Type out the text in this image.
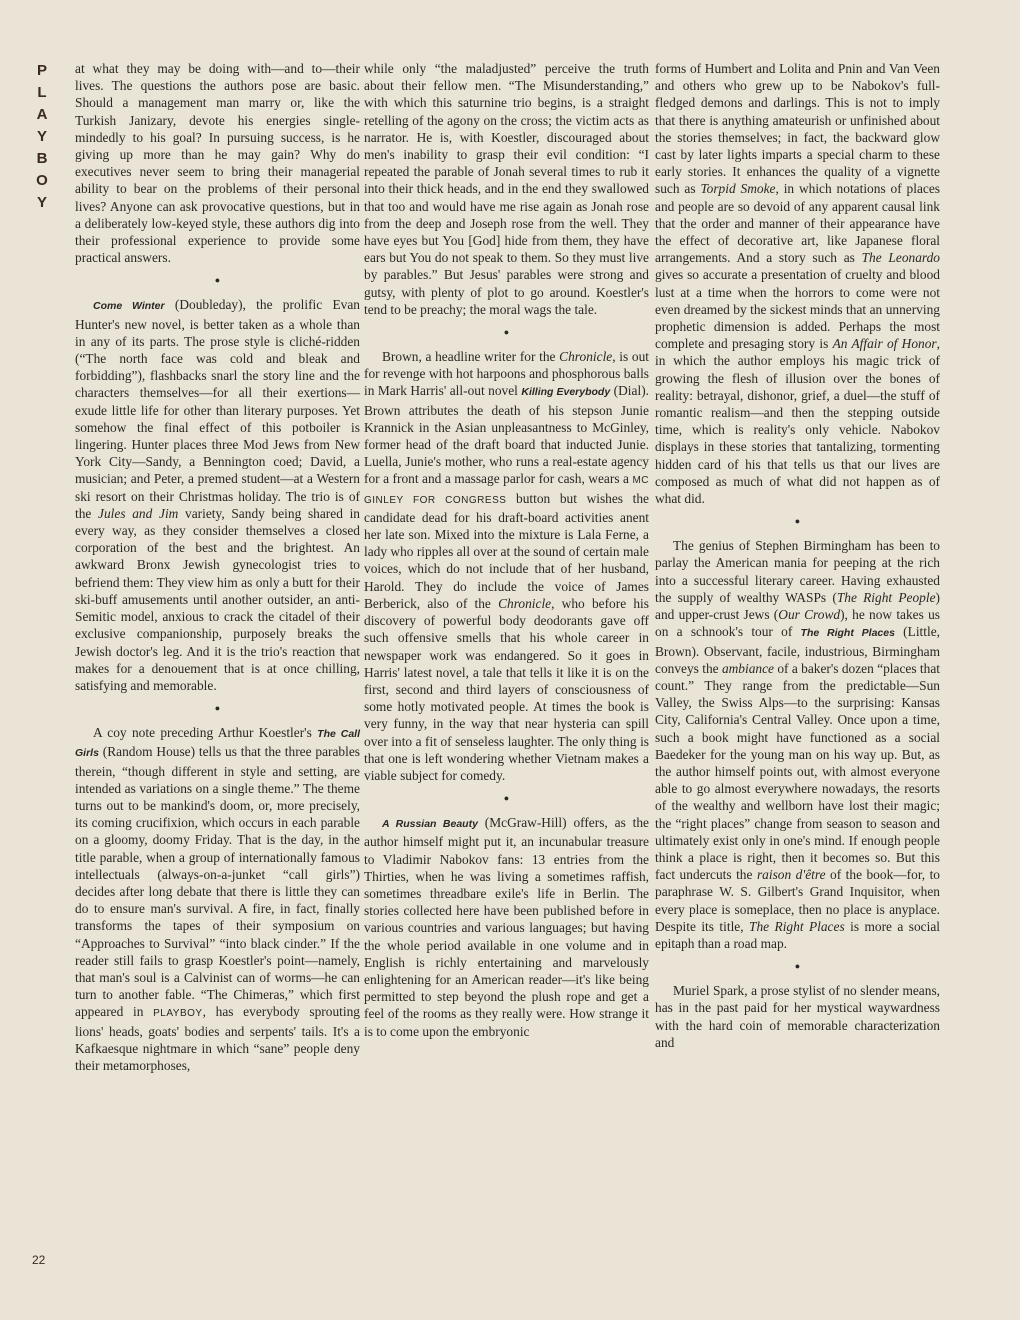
P
L
A
Y
B
O
Y
22

at what they may be doing with—and to—their lives. The questions the authors pose are basic. Should a management man marry or, like the Turkish Janizary, devote his energies single-mindedly to his goal? In pursuing success, is he giving up more than he may gain? Why do executives never seem to bring their managerial ability to bear on the problems of their personal lives? Anyone can ask provocative questions, but in a deliberately low-keyed style, these authors dig into their professional experience to provide some practical answers.

●

Come Winter (Doubleday), the prolific Evan Hunter's new novel, is better taken as a whole than in any of its parts. The prose style is cliché-ridden (“The north face was cold and bleak and forbidding”), flashbacks snarl the story line and the characters themselves—for all their exertions—exude little life for other than literary purposes. Yet somehow the final effect of this potboiler is lingering. Hunter places three Mod Jews from New York City—Sandy, a Bennington coed; David, a musician; and Peter, a premed student—at a Western ski resort on their Christmas holiday. The trio is of the Jules and Jim variety, Sandy being shared in every way, as they consider themselves a closed corporation of the best and the brightest. An awkward Bronx Jewish gynecologist tries to befriend them: They view him as only a butt for their ski-buff amusements until another outsider, an anti-Semitic model, anxious to crack the citadel of their exclusive companionship, purposely breaks the Jewish doctor's leg. And it is the trio's reaction that makes for a denouement that is at once chilling, satisfying and memorable.

●

A coy note preceding Arthur Koestler's The Call Girls (Random House) tells us that the three parables therein, “though different in style and setting, are intended as variations on a single theme.” The theme turns out to be mankind's doom, or, more precisely, its coming crucifixion, which occurs in each parable on a gloomy, doomy Friday. That is the day, in the title parable, when a group of internationally famous intellectuals (always-on-a-junket “call girls”) decides after long debate that there is little they can do to ensure man's survival. A fire, in fact, finally transforms the tapes of their symposium on “Approaches to Survival” “into black cinder.” If the reader still fails to grasp Koestler's point—namely, that man's soul is a Calvinist can of worms—he can turn to another fable. “The Chimeras,” which first appeared in PLAYBOY, has everybody sprouting lions' heads, goats' bodies and serpents' tails. It's a Kafkaesque nightmare in which “sane” people deny their metamorphoses,

while only “the maladjusted” perceive the truth about their fellow men. “The Misunderstanding,” with which this saturnine trio begins, is a straight retelling of the agony on the cross; the victim acts as narrator. He is, with Koestler, discouraged about men's inability to grasp their evil condition: “I repeated the parable of Jonah several times to rub it into their thick heads, and in the end they swallowed that too and would have me rise again as Jonah rose from the deep and Joseph rose from the well. They have eyes but You [God] hide from them, they have ears but You do not speak to them. So they must live by parables.” But Jesus' parables were strong and gutsy, with plenty of plot to go around. Koestler's tend to be preachy; the moral wags the tale.

●

Brown, a headline writer for the Chronicle, is out for revenge with hot harpoons and phosphorous balls in Mark Harris' all-out novel Killing Everybody (Dial). Brown attributes the death of his stepson Junie Krannick in the Asian unpleasantness to McGinley, former head of the draft board that inducted Junie. Luella, Junie's mother, who runs a real-estate agency for a front and a massage parlor for cash, wears a MC GINLEY FOR CONGRESS button but wishes the candidate dead for his draft-board activities anent her late son. Mixed into the mixture is Lala Ferne, a lady who ripples all over at the sound of certain male voices, which do not include that of her husband, Harold. They do include the voice of James Berberick, also of the Chronicle, who before his discovery of powerful body deodorants gave off such offensive smells that his whole career in newspaper work was endangered. So it goes in Harris' latest novel, a tale that tells it like it is on the first, second and third layers of consciousness of some hotly motivated people. At times the book is very funny, in the way that near hysteria can spill over into a fit of senseless laughter. The only thing is that one is left wondering whether Vietnam makes a viable subject for comedy.

●

A Russian Beauty (McGraw-Hill) offers, as the author himself might put it, an incunabular treasure to Vladimir Nabokov fans: 13 entries from the Thirties, when he was living a sometimes raffish, sometimes threadbare exile's life in Berlin. The stories collected here have been published before in various countries and various languages; but having the whole period available in one volume and in English is richly entertaining and marvelously enlightening for an American reader—it's like being permitted to step beyond the plush rope and get a feel of the rooms as they really were. How strange it is to come upon the embryonic

forms of Humbert and Lolita and Pnin and Van Veen and others who grew up to be Nabokov's full-fledged demons and darlings. This is not to imply that there is anything amateurish or unfinished about the stories themselves; in fact, the backward glow cast by later lights imparts a special charm to these early stories. It enhances the quality of a vignette such as Torpid Smoke, in which notations of places and people are so devoid of any apparent causal link that the order and manner of their appearance have the effect of decorative art, like Japanese floral arrangements. And a story such as The Leonardo gives so accurate a presentation of cruelty and blood lust at a time when the horrors to come were not even dreamed by the sickest minds that an unnerving prophetic dimension is added. Perhaps the most complete and presaging story is An Affair of Honor, in which the author employs his magic trick of growing the flesh of illusion over the bones of reality: betrayal, dishonor, grief, a duel—the stuff of romantic realism—and then the stepping outside time, which is reality's only vehicle. Nabokov displays in these stories that tantalizing, tormenting hidden card of his that tells us that our lives are composed as much of what did not happen as of what did.

●

The genius of Stephen Birmingham has been to parlay the American mania for peeping at the rich into a successful literary career. Having exhausted the supply of wealthy WASPs (The Right People) and upper-crust Jews (Our Crowd), he now takes us on a schnook's tour of The Right Places (Little, Brown). Observant, facile, industrious, Birmingham conveys the ambiance of a baker's dozen “places that count.” They range from the predictable—Sun Valley, the Swiss Alps—to the surprising: Kansas City, California's Central Valley. Once upon a time, such a book might have functioned as a social Baedeker for the young man on his way up. But, as the author himself points out, with almost everyone able to go almost everywhere nowadays, the resorts of the wealthy and wellborn have lost their magic; the “right places” change from season to season and ultimately exist only in one's mind. If enough people think a place is right, then it becomes so. But this fact undercuts the raison d'être of the book—for, to paraphrase W. S. Gilbert's Grand Inquisitor, when every place is someplace, then no place is anyplace. Despite its title, The Right Places is more a social epitaph than a road map.

●

Muriel Spark, a prose stylist of no slender means, has in the past paid for her mystical waywardness with the hard coin of memorable characterization and
